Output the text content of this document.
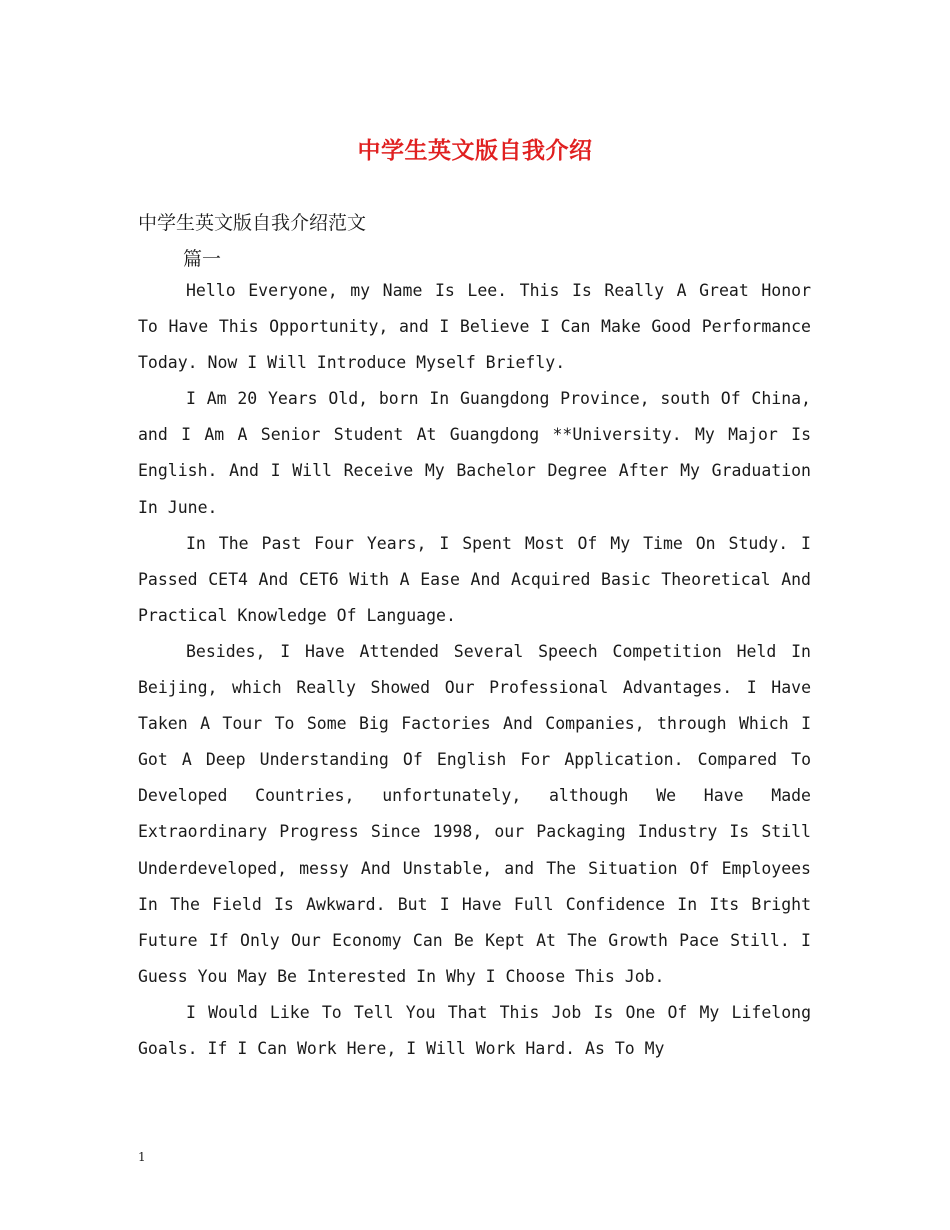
中学生英文版自我介绍
中学生英文版自我介绍范文
篇一

Hello Everyone, my Name Is Lee. This Is Really A Great Honor To Have This Opportunity, and I Believe I Can Make Good Performance Today. Now I Will Introduce Myself Briefly.

I Am 20 Years Old, born In Guangdong Province, south Of China, and I Am A Senior Student At Guangdong **University. My Major Is English. And I Will Receive My Bachelor Degree After My Graduation In June.

In The Past Four Years, I Spent Most Of My Time On Study. I Passed CET4 And CET6 With A Ease And Acquired Basic Theoretical And Practical Knowledge Of Language.

Besides, I Have Attended Several Speech Competition Held In Beijing, which Really Showed Our Professional Advantages. I Have Taken A Tour To Some Big Factories And Companies, through Which I Got A Deep Understanding Of English For Application. Compared To Developed Countries, unfortunately, although We Have Made Extraordinary Progress Since 1998, our Packaging Industry Is Still Underdeveloped, messy And Unstable, and The Situation Of Employees In The Field Is Awkward. But I Have Full Confidence In Its Bright Future If Only Our Economy Can Be Kept At The Growth Pace Still. I Guess You May Be Interested In Why I Choose This Job.

I Would Like To Tell You That This Job Is One Of My Lifelong Goals. If I Can Work Here, I Will Work Hard. As To My

1
